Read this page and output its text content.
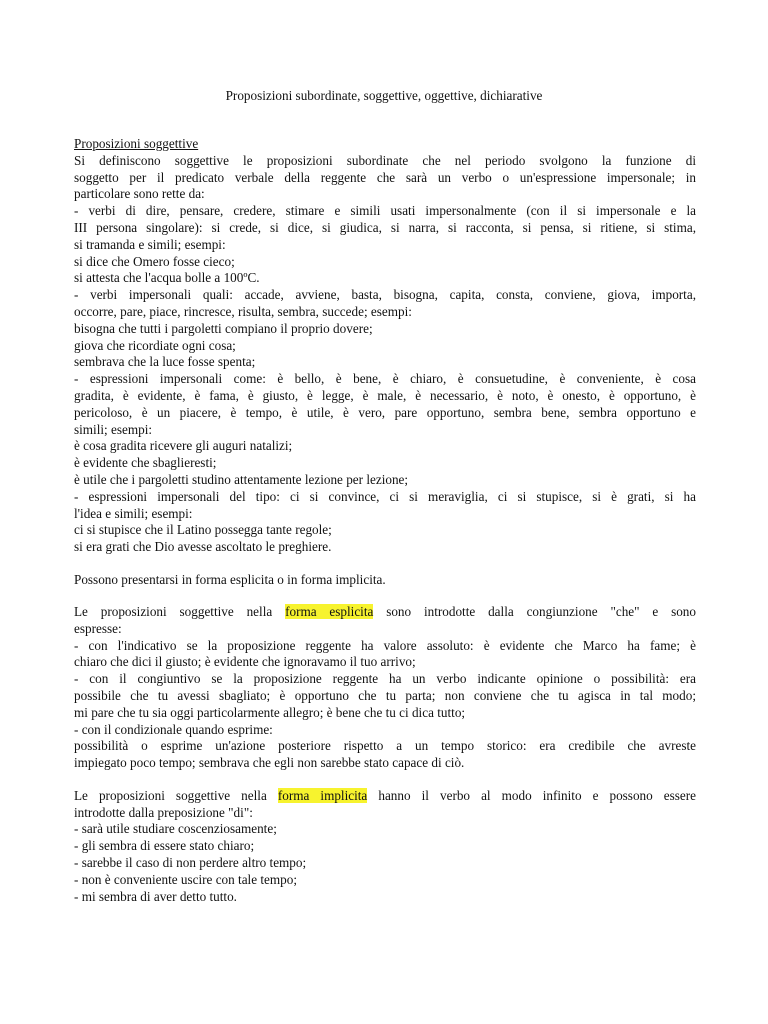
Proposizioni subordinate, soggettive, oggettive, dichiarative
Proposizioni soggettive
Si definiscono soggettive le proposizioni subordinate che nel periodo svolgono la funzione di
soggetto per il predicato verbale della reggente che sarà un verbo o un'espressione impersonale; in
particolare sono rette da:
- verbi di dire, pensare, credere, stimare e simili usati impersonalmente (con il si impersonale e la
III persona singolare): si crede, si dice, si giudica, si narra, si racconta, si pensa, si ritiene, si stima,
si tramanda e simili; esempi:
si dice che Omero fosse cieco;
si attesta che l'acqua bolle a 100ºC.
- verbi impersonali quali: accade, avviene, basta, bisogna, capita, consta, conviene, giova, importa,
occorre, pare, piace, rincresce, risulta, sembra, succede; esempi:
bisogna che tutti i pargoletti compiano il proprio dovere;
giova che ricordiate ogni cosa;
sembrava che la luce fosse spenta;
- espressioni impersonali come: è bello, è bene, è chiaro, è consuetudine, è conveniente, è cosa
gradita, è evidente, è fama, è giusto, è legge, è male, è necessario, è noto, è onesto, è opportuno, è
pericoloso, è un piacere, è tempo, è utile, è vero, pare opportuno, sembra bene, sembra opportuno e
simili; esempi:
è cosa gradita ricevere gli auguri natalizi;
è evidente che sbaglieresti;
è utile che i pargoletti studino attentamente lezione per lezione;
- espressioni impersonali del tipo: ci si convince, ci si meraviglia, ci si stupisce, si è grati, si ha
l'idea e simili; esempi:
ci si stupisce che il Latino possegga tante regole;
si era grati che Dio avesse ascoltato le preghiere.
Possono presentarsi in forma esplicita o in forma implicita.
Le proposizioni soggettive nella forma esplicita sono introdotte dalla congiunzione "che" e sono
espresse:
- con l'indicativo se la proposizione reggente ha valore assoluto: è evidente che Marco ha fame; è
chiaro che dici il giusto; è evidente che ignoravamo il tuo arrivo;
- con il congiuntivo se la proposizione reggente ha un verbo indicante opinione o possibilità: era
possibile che tu avessi sbagliato; è opportuno che tu parta; non conviene che tu agisca in tal modo;
mi pare che tu sia oggi particolarmente allegro; è bene che tu ci dica tutto;
- con il condizionale quando esprime:
possibilità o esprime un'azione posteriore rispetto a un tempo storico: era credibile che avreste
impiegato poco tempo; sembrava che egli non sarebbe stato capace di ciò.
Le proposizioni soggettive nella forma implicita hanno il verbo al modo infinito e possono essere
introdotte dalla preposizione "di":
- sarà utile studiare coscenziosamente;
- gli sembra di essere stato chiaro;
- sarebbe il caso di non perdere altro tempo;
- non è conveniente uscire con tale tempo;
- mi sembra di aver detto tutto.
